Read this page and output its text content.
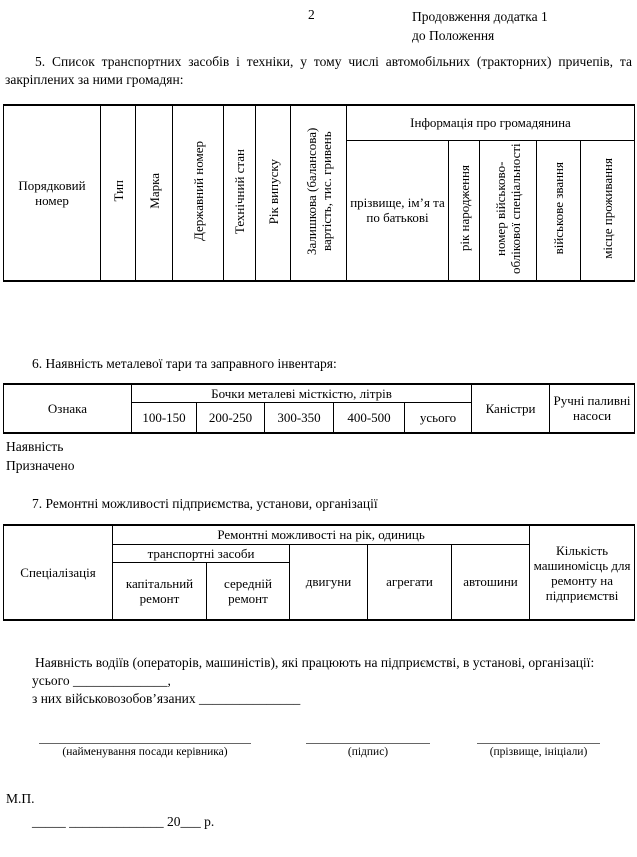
2	Продовження додатка 1
до Положення
5. Список транспортних засобів і техніки, у тому числі автомобільних (тракторних) причепів, та закріплених за ними громадян:
Порядковий номер	Тип	Марка	Державний номер	Технічний стан	Рік випуску	Залишкова (балансова) вартість, тис. гривень	Інформація про громадянина				
							прізвище, ім’я та по батькові	рік народження	номер військово-облікової спеціальності	військове звання	місце проживання
6. Наявність металевої тари та заправного інвентаря:
Ознака	Бочки металеві місткістю, літрів					Каністри	Ручні паливні насоси
	100-150	200-250	300-350	400-500	усього		
Наявність
Призначено
7. Ремонтні можливості підприємства, установи, організації
Спеціалізація	Ремонтні можливості на рік, одиниць					Кількість машиномісць для ремонту на підприємстві
	транспортні засоби		двигуни	агрегати	автошини	
	капітальний ремонт	середній ремонт				
Наявність водіїв (операторів, машиністів), які працюють на підприємстві, в установі, організації:
усього ______________,
з них військовозобов’язаних _______________
(найменування посади керівника)	(підпис)	(прізвище, ініціали)
М.П.
_____ ______________ 20___ р.
